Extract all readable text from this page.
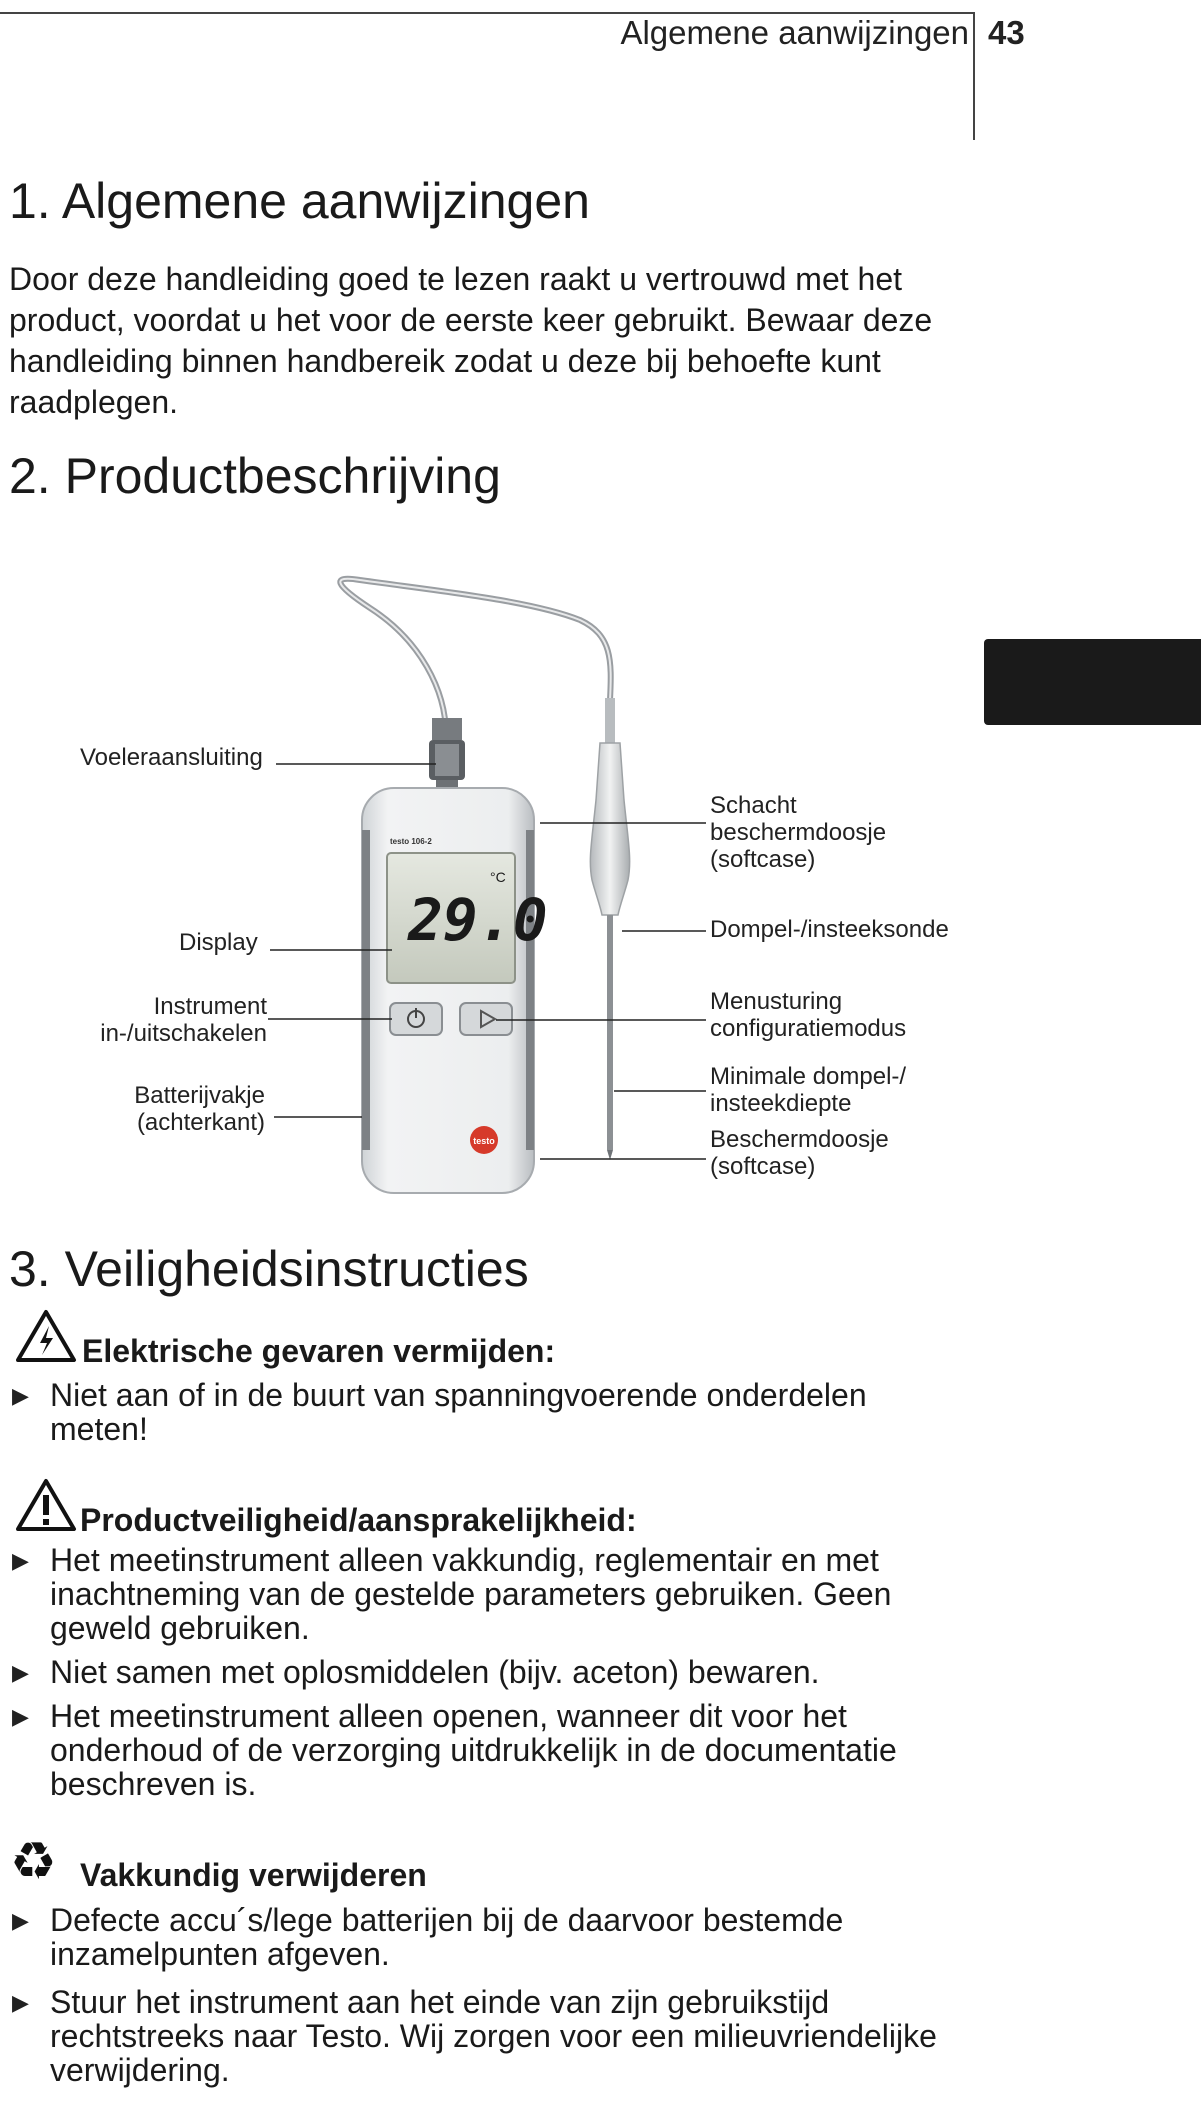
Algemene aanwijzingen 43
1. Algemene aanwijzingen
Door deze handleiding goed te lezen raakt u vertrouwd met het
product, voordat u het voor de eerste keer gebruikt. Bewaar deze
handleiding binnen handbereik zodat u deze bij behoefte kunt
raadplegen.
2. Productbeschrijving
testo 106-2
29.0
°C
testo
Voeleraansluiting
Display
Instrument
in-/uitschakelen
Batterijvakje
(achterkant)
Schacht
beschermdoosje
(softcase)
Dompel-/insteeksonde
Menusturing
configuratiemodus
Minimale dompel-/
insteekdiepte
Beschermdoosje
(softcase)
3. Veiligheidsinstructies
Elektrische gevaren vermijden:
▶ Niet aan of in de buurt van spanningvoerende onderdelen
meten!
Productveiligheid/aansprakelijkheid:
▶ Het meetinstrument alleen vakkundig, reglementair en met
inachtneming van de gestelde parameters gebruiken. Geen
geweld gebruiken.
▶ Niet samen met oplosmiddelen (bijv. aceton) bewaren.
▶ Het meetinstrument alleen openen, wanneer dit voor het
onderhoud of de verzorging uitdrukkelijk in de documentatie
beschreven is.
♻ Vakkundig verwijderen
▶ Defecte accu´s/lege batterijen bij de daarvoor bestemde
inzamelpunten afgeven.
▶ Stuur het instrument aan het einde van zijn gebruikstijd
rechtstreeks naar Testo. Wij zorgen voor een milieuvriendelijke
verwijdering.
